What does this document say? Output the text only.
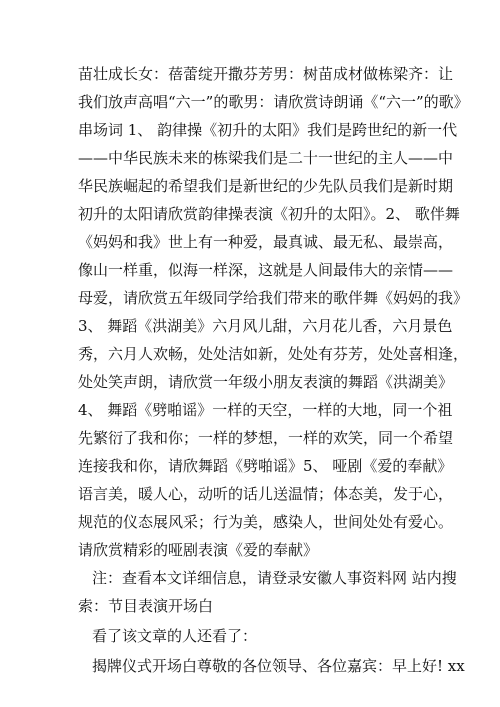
苗壮成长女：蓓蕾绽开撒芬芳男：树苗成材做栋梁齐：让
我们放声高唱“六一”的歌男：请欣赏诗朗诵《“六一”的歌》
串场词 1、 韵律操《初升的太阳》我们是跨世纪的新一代
——中华民族未来的栋梁我们是二十一世纪的主人——中
华民族崛起的希望我们是新世纪的少先队员我们是新时期
初升的太阳请欣赏韵律操表演《初升的太阳》。2、 歌伴舞
《妈妈和我》世上有一种爱，最真诚、最无私、最崇高，
像山一样重，似海一样深，这就是人间最伟大的亲情——
母爱，请欣赏五年级同学给我们带来的歌伴舞《妈妈的我》
3、 舞蹈《洪湖美》六月风儿甜，六月花儿香，六月景色
秀，六月人欢畅，处处洁如新，处处有芬芳，处处喜相逢，
处处笑声朗，请欣赏一年级小朋友表演的舞蹈《洪湖美》
4、 舞蹈《劈啪谣》一样的天空，一样的大地，同一个祖
先繁衍了我和你；一样的梦想，一样的欢笑，同一个希望
连接我和你，请欣舞蹈《劈啪谣》5、 哑剧《爱的奉献》
语言美，暖人心，动听的话儿送温情；体态美，发于心，
规范的仪态展风采；行为美，感染人，世间处处有爱心。
请欣赏精彩的哑剧表演《爱的奉献》
注：查看本文详细信息，请登录安徽人事资料网 站内搜
索：节目表演开场白
看了该文章的人还看了：
揭牌仪式开场白尊敬的各位领导、各位嘉宾：早上好! xx
